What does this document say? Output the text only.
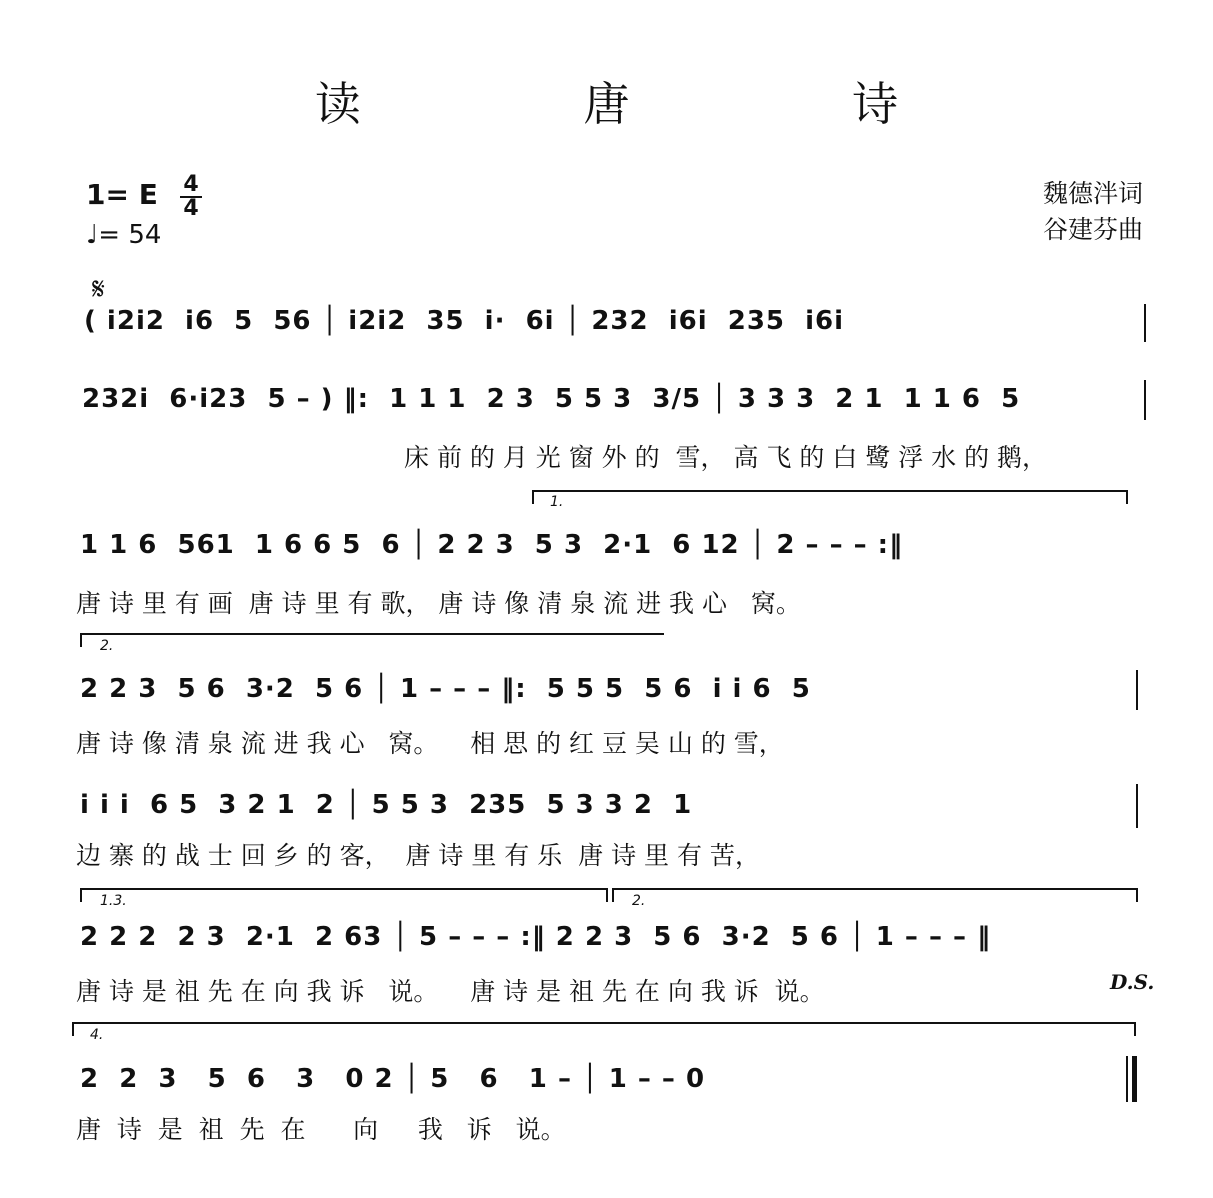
读 唐 诗
1= E 4
4
♩= 54
魏德泮词
谷建芬曲
𝄋
( i2i2  i6  5  56 │ i2i2  35  i·  6i │ 232  i6i  235  i6i
232i  6·i23  5 – ) ‖:  1 1 1  2 3  5 5 3  3/5 │ 3 3 3  2 1  1 1 6  5
床 前 的 月 光 窗 外 的  雪， 高 飞 的 白 鹭 浮 水 的 鹅，
1.
1 1 6  561  1 6 6 5  6 │ 2 2 3  5 3  2·1  6 12 │ 2 – – – :‖
唐 诗 里 有 画  唐 诗 里 有 歌， 唐 诗 像 清 泉 流 进 我 心   窝。
2.
2 2 3  5 6  3·2  5 6 │ 1 – – – ‖:  5 5 5  5 6  i i 6  5
唐 诗 像 清 泉 流 进 我 心   窝。    相 思 的 红 豆 吴 山 的 雪，
i i i  6 5  3 2 1  2 │ 5 5 3  235  5 3 3 2  1
边 寨 的 战 士 回 乡 的 客，  唐 诗 里 有 乐  唐 诗 里 有 苦，
1.3.	2.
2 2 2  2 3  2·1  2 63 │ 5 – – – :‖ 2 2 3  5 6  3·2  5 6 │ 1 – – – ‖
唐 诗 是 祖 先 在 向 我 诉   说。    唐 诗 是 祖 先 在 向 我 诉  说。	D.S.
4.
2  2  3   5  6   3   0 2 │ 5   6   1 – │ 1 – – 0
唐  诗  是  祖  先  在      向     我   诉   说。
